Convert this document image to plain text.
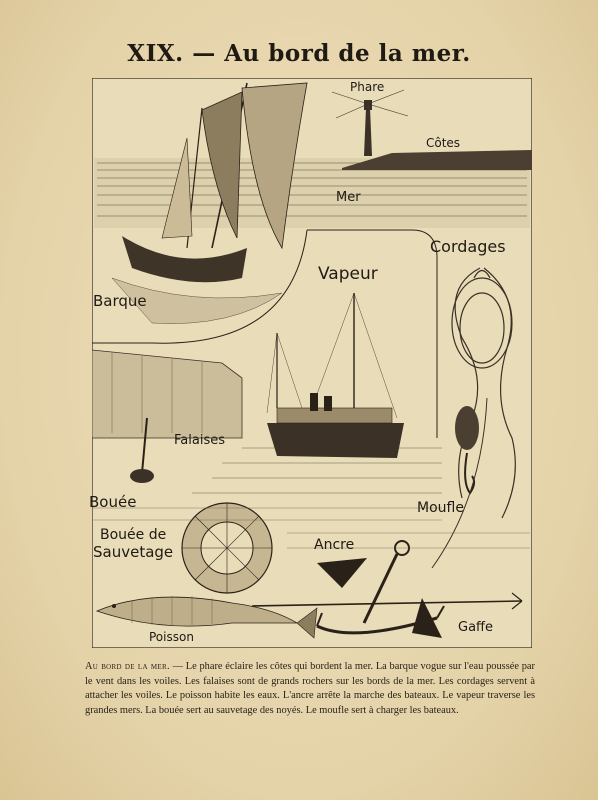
XIX. — Au bord de la mer.
Phare
Côtes
Mer
Cordages
Vapeur
Barque
Falaises
Bouée	Moufle
Bouée de
Sauvetage	Ancre
Poisson
Gaffe
Au bord de la mer. — Le phare éclaire les côtes qui bordent la mer. La barque vogue sur l'eau poussée par le vent dans les voiles. Les falaises sont de grands rochers sur les bords de la mer. Les cordages servent à attacher les voiles. Le poisson habite les eaux. L'ancre arrête la marche des bateaux. Le vapeur traverse les grandes mers. La bouée sert au sauvetage des noyés. Le moufle sert à charger les bateaux.
